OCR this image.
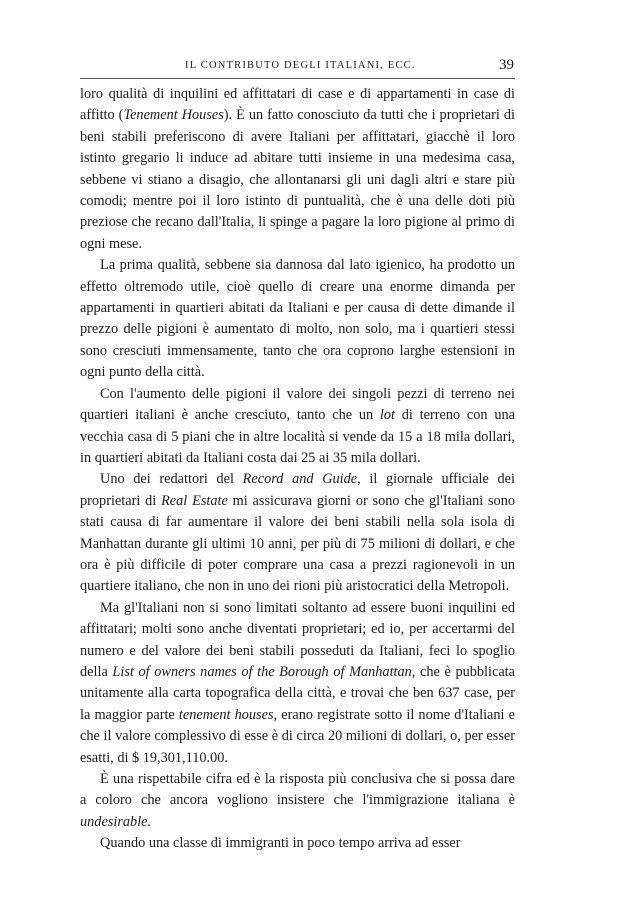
IL CONTRIBUTO DEGLI ITALIANI, ECC.	39

loro qualità di inquilini ed affittatari di case e di appartamenti in case di affitto (Tenement Houses). È un fatto conosciuto da tutti che i proprietari di beni stabili preferiscono di avere Italiani per affittatari, giacchè il loro istinto gregario li induce ad abitare tutti insieme in una medesima casa, sebbene vi stiano a disagio, che allontanarsi gli uni dagli altri e stare più comodi; mentre poi il loro istinto di puntualità, che è una delle doti più preziose che recano dall'Italia, li spinge a pagare la loro pigione al primo di ogni mese.

La prima qualità, sebbene sia dannosa dal lato igienico, ha prodotto un effetto oltremodo utile, cioè quello di creare una enorme dimanda per appartamenti in quartieri abitati da Italiani e per causa di dette dimande il prezzo delle pigioni è aumentato di molto, non solo, ma i quartieri stessi sono cresciuti immensamente, tanto che ora coprono larghe estensioni in ogni punto della città.

Con l'aumento delle pigioni il valore dei singoli pezzi di terreno nei quartieri italiani è anche cresciuto, tanto che un lot di terreno con una vecchia casa di 5 piani che in altre località si vende da 15 a 18 mila dollari, in quartieri abitati da Italiani costa dai 25 ai 35 mila dollari.

Uno dei redattori del Record and Guide, il giornale ufficiale dei proprietari di Real Estate mi assicurava giorni or sono che gl'Italiani sono stati causa di far aumentare il valore dei beni stabili nella sola isola di Manhattan durante gli ultimi 10 anni, per più di 75 milioni di dollari, e che ora è più difficile di poter comprare una casa a prezzi ragionevoli in un quartiere italiano, che non in uno dei rioni più aristocratici della Metropoli.

Ma gl'Italiani non si sono limitati soltanto ad essere buoni inquilini ed affittatari; molti sono anche diventati proprietari; ed io, per accertarmi del numero e del valore dei beni stabili posseduti da Italiani, feci lo spoglio della List of owners names of the Borough of Manhattan, che è pubblicata unitamente alla carta topografica della città, e trovai che ben 637 case, per la maggior parte tenement houses, erano registrate sotto il nome d'Italiani e che il valore complessivo di esse è di circa 20 milioni di dollari, o, per esser esatti, di $ 19,301,110.00.

È una rispettabile cifra ed è la risposta più conclusiva che si possa dare a coloro che ancora vogliono insistere che l'immigrazione italiana è undesirable.

Quando una classe di immigranti in poco tempo arriva ad esser
